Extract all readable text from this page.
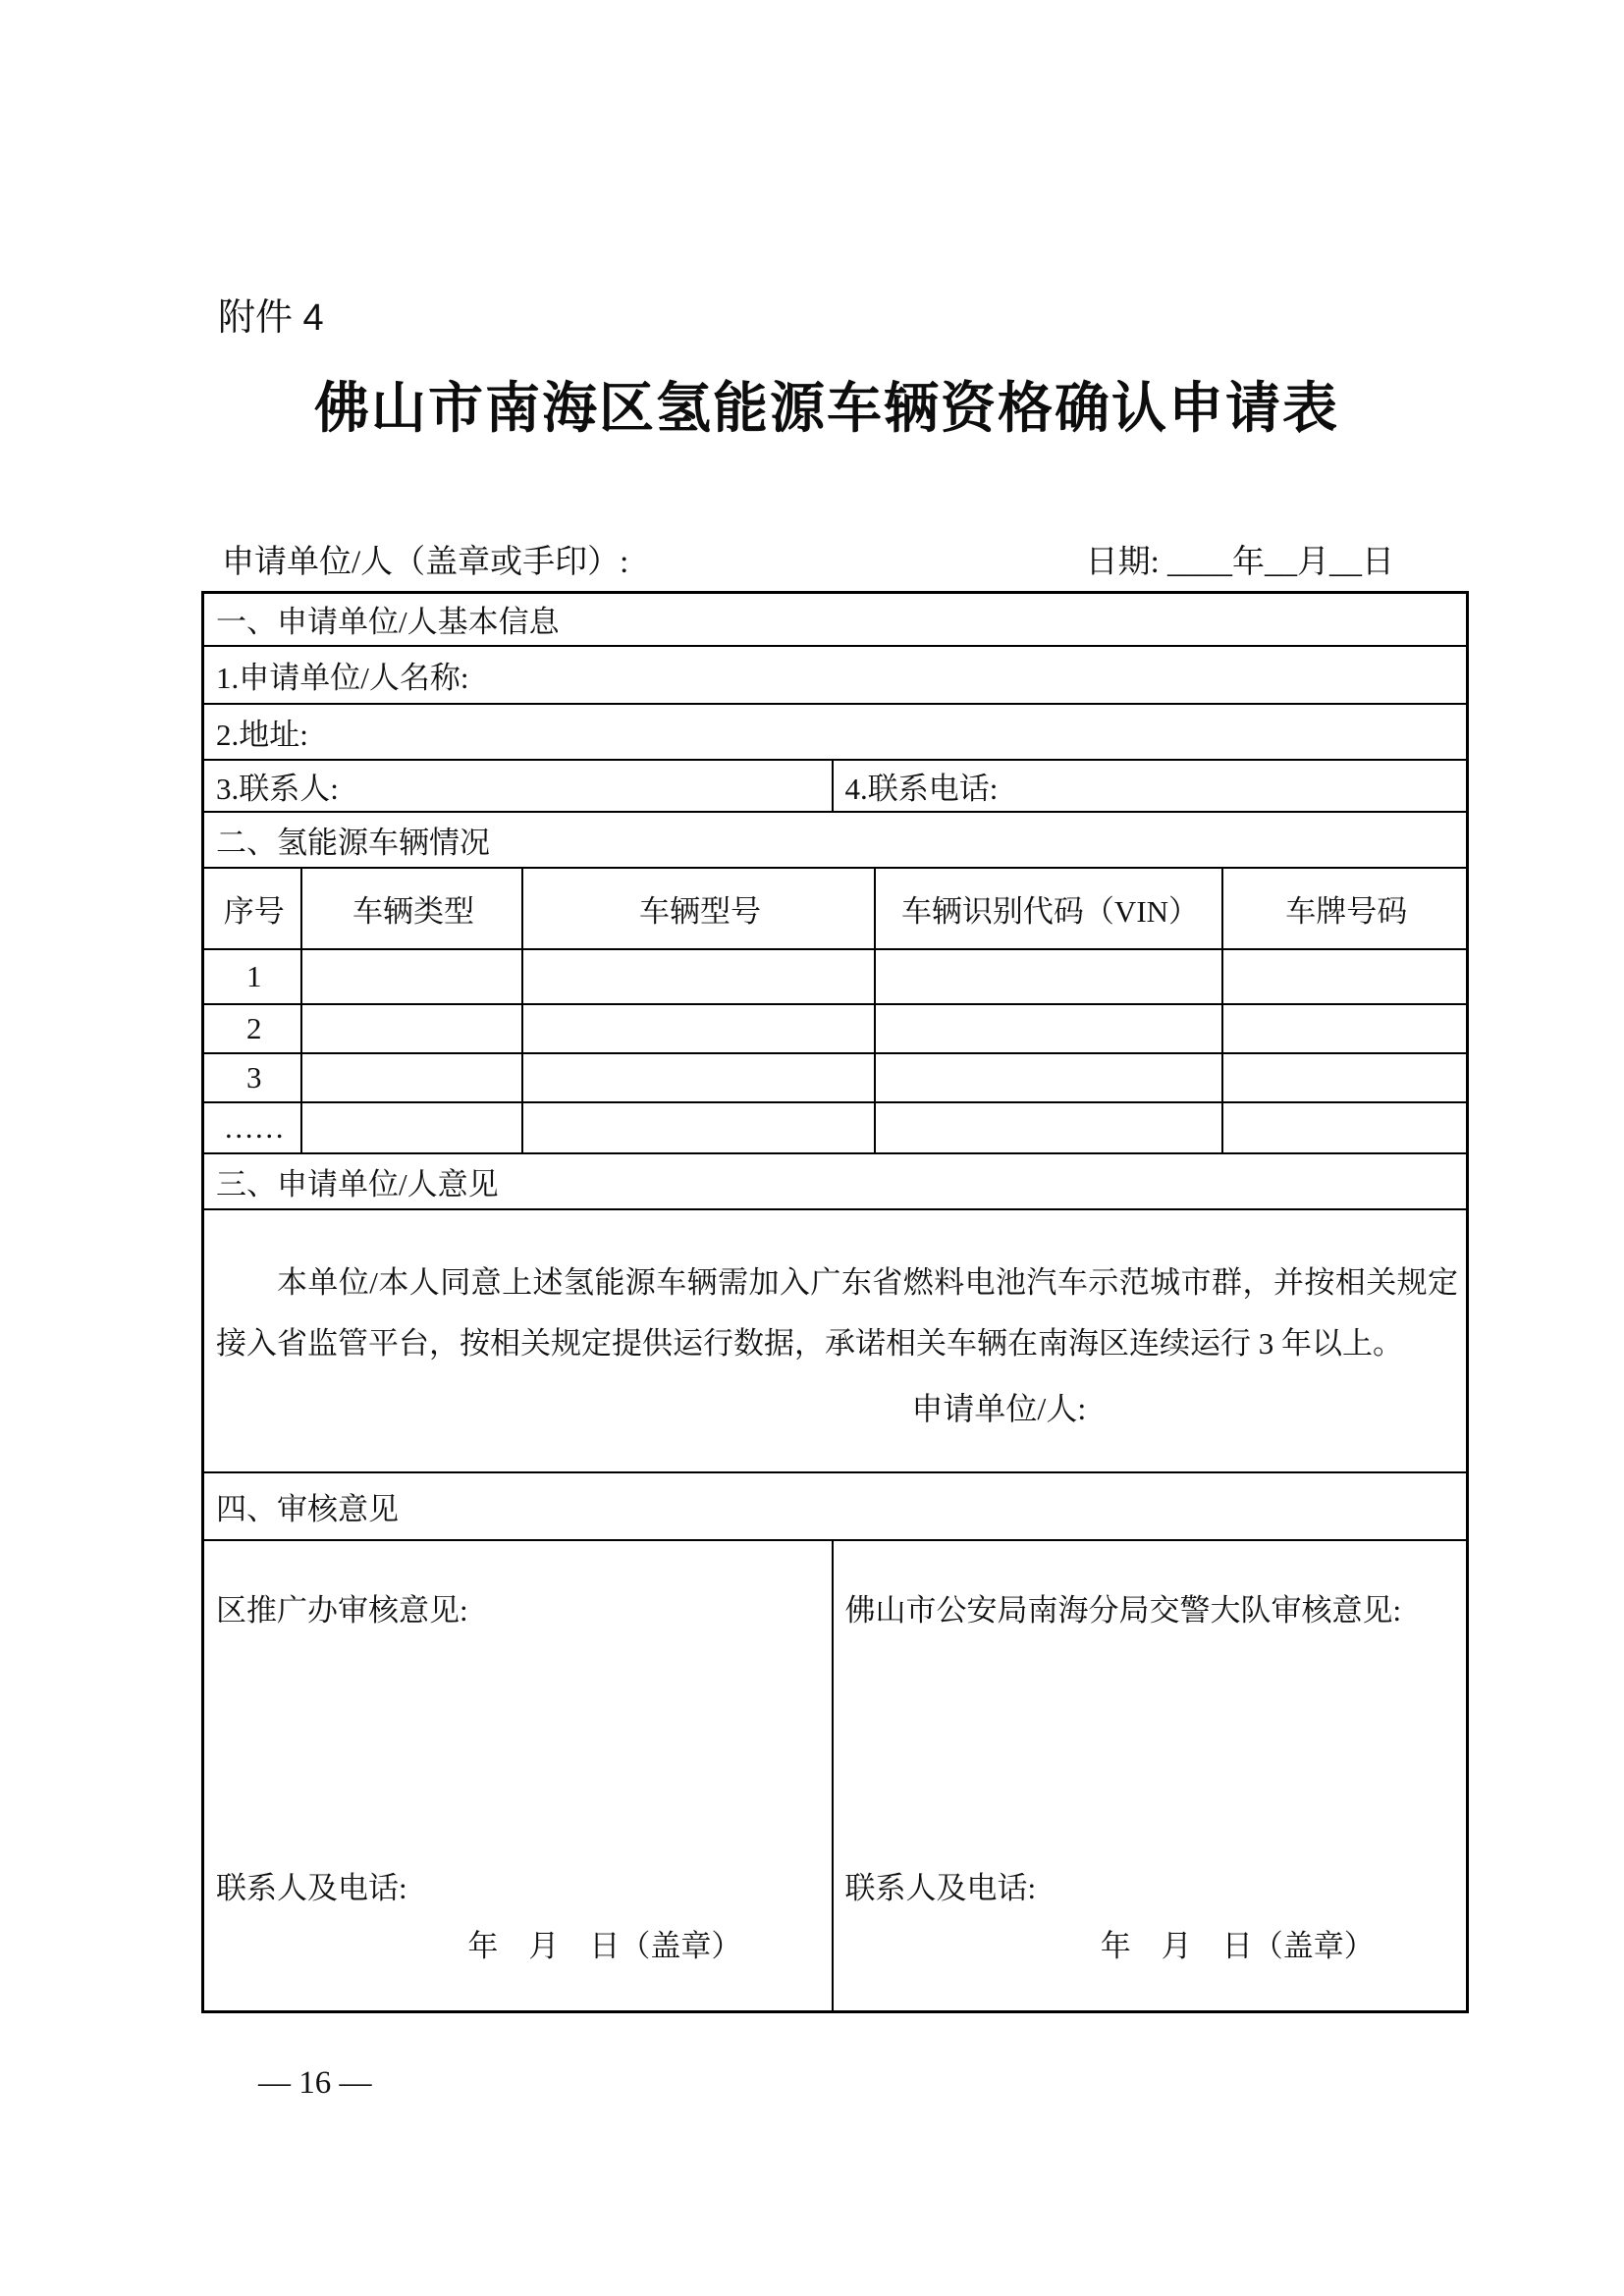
附件 4
佛山市南海区氢能源车辆资格确认申请表
申请单位/人（盖章或手印）:	日期: ____年__月__日
一、申请单位/人基本信息					
1.申请单位/人名称:					
2.地址:					
3.联系人:			4.联系电话:		
二、氢能源车辆情况					
序号	车辆类型	车辆型号		车辆识别代码（VIN）	车牌号码
1					
2					
3					
……					
三、申请单位/人意见					

本单位/本人同意上述氢能源车辆需加入广东省燃料电池汽车示范城市群，并按相关规定接入省监管平台，按相关规定提供运行数据，承诺相关车辆在南海区连续运行 3 年以上。
申请单位/人:					

四、审核意见					

区推广办审核意见:
联系人及电话:
年　月　日（盖章）

佛山市公安局南海分局交警大队审核意见:
联系人及电话:
年　月　日（盖章）
— 16 —
